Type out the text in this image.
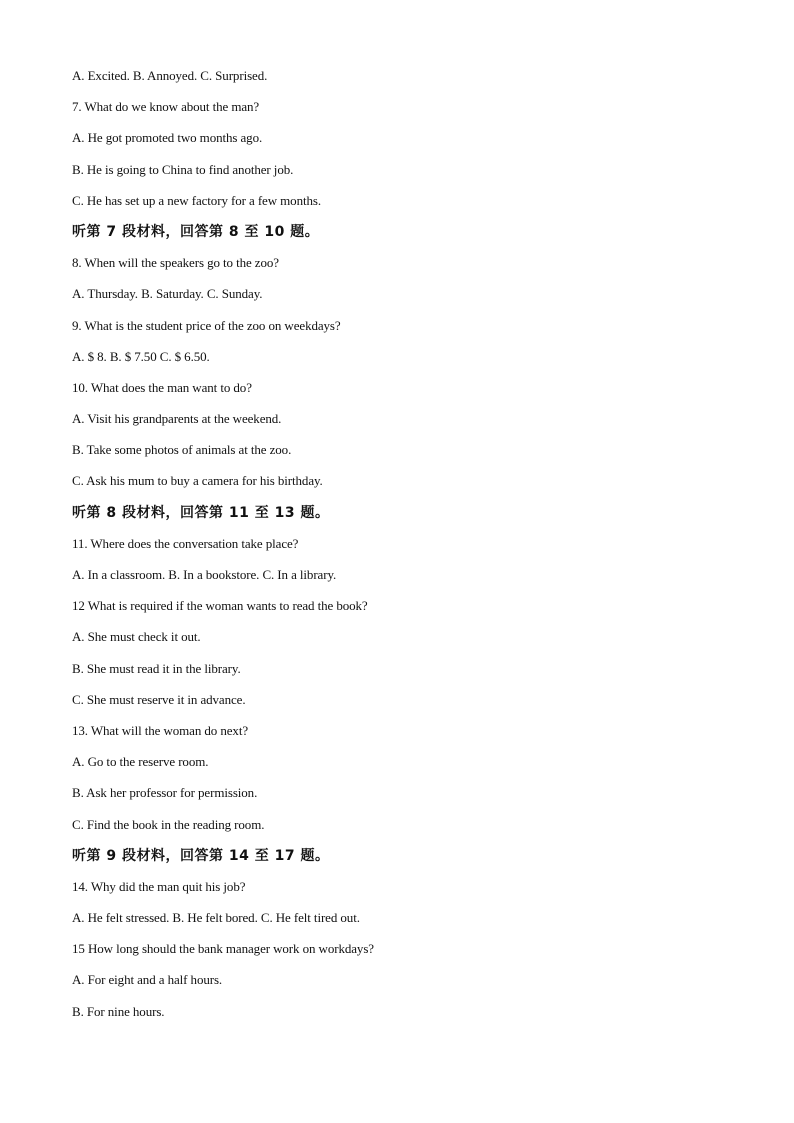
A. Excited. B. Annoyed. C. Surprised.
7. What do we know about the man?
A. He got promoted two months ago.
B. He is going to China to find another job.
C. He has set up a new factory for a few months.
听第 7 段材料，回答第 8 至 10 题。
8. When will the speakers go to the zoo?
A. Thursday. B. Saturday. C. Sunday.
9. What is the student price of the zoo on weekdays?
A. $ 8. B. $ 7.50 C. $ 6.50.
10. What does the man want to do?
A. Visit his grandparents at the weekend.
B. Take some photos of animals at the zoo.
C. Ask his mum to buy a camera for his birthday.
听第 8 段材料，回答第 11 至 13 题。
11. Where does the conversation take place?
A. In a classroom. B. In a bookstore. C. In a library.
12 What is required if the woman wants to read the book?
A. She must check it out.
B. She must read it in the library.
C. She must reserve it in advance.
13. What will the woman do next?
A. Go to the reserve room.
B. Ask her professor for permission.
C. Find the book in the reading room.
听第 9 段材料，回答第 14 至 17 题。
14. Why did the man quit his job?
A. He felt stressed. B. He felt bored. C. He felt tired out.
15 How long should the bank manager work on workdays?
A. For eight and a half hours.
B. For nine hours.
